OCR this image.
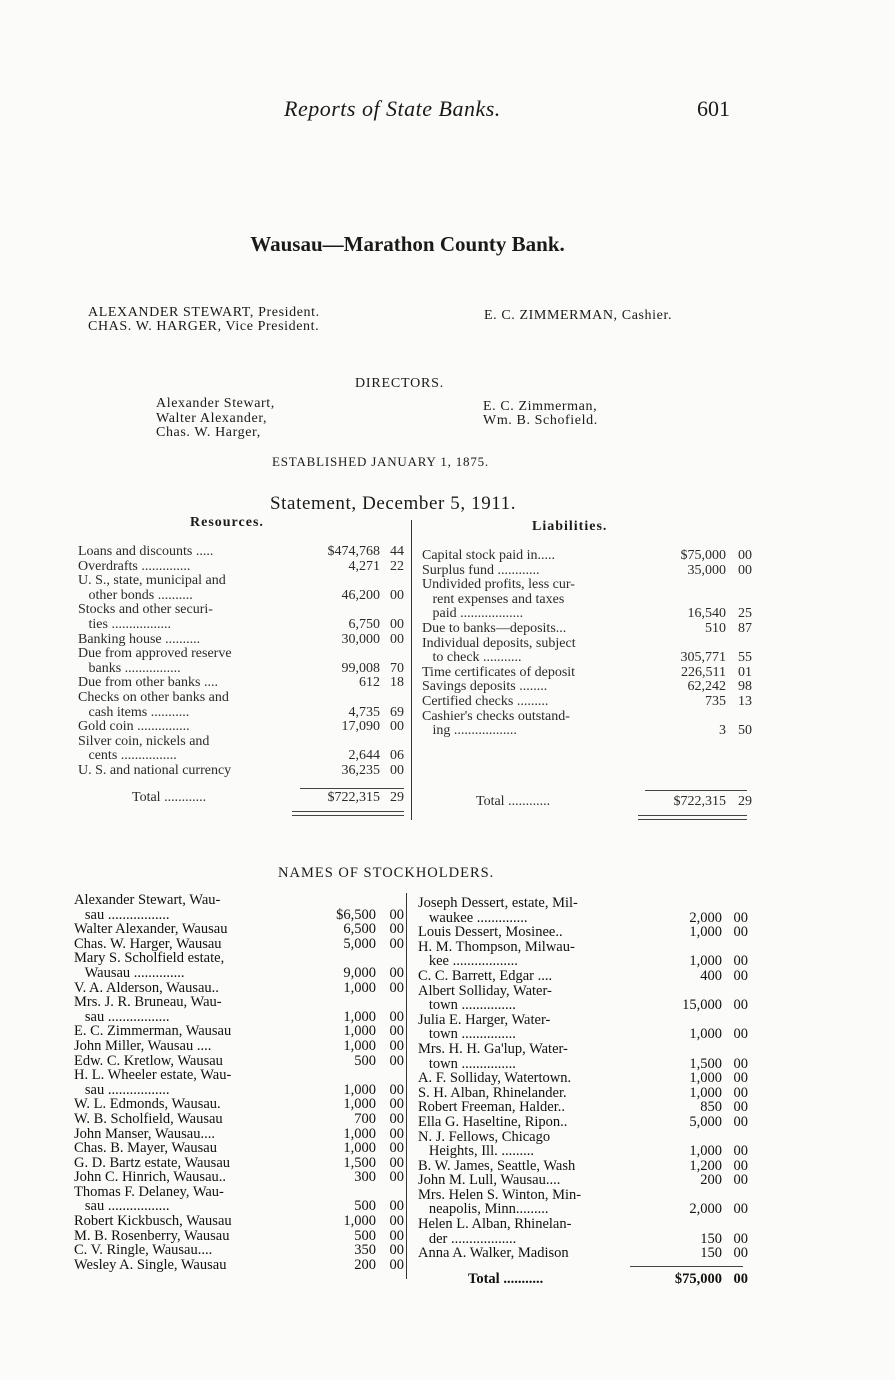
Reports of State Banks.	601
Wausau—Marathon County Bank.
ALEXANDER STEWART, President.
CHAS. W. HARGER, Vice President.
E. C. ZIMMERMAN, Cashier.
DIRECTORS.
Alexander Stewart,
Walter Alexander,
Chas. W. Harger,
E. C. Zimmerman,
Wm. B. Schofield.
ESTABLISHED JANUARY 1, 1875.
Statement, December 5, 1911.
Resources.	Liabilities.
Loans and discounts .....	$474,768 44
Overdrafts ..............	4,271 22
U. S., state, municipal and
other bonds ..........	46,200 00
Stocks and other securi-
ties .................	6,750 00
Banking house ..........	30,000 00
Due from approved reserve
banks ................	99,008 70
Due from other banks ....	612 18
Checks on other banks and
cash items ...........	4,735 69
Gold coin ...............	17,090 00
Silver coin, nickels and
cents ................	2,644 06
U. S. and national currency	36,235 00
Total ............	$722,315 29
Capital stock paid in.....	$75,000 00
Surplus fund ............	35,000 00
Undivided profits, less cur-
rent expenses and taxes
paid ..................	16,540 25
Due to banks—deposits...	510 87
Individual deposits, subject
to check ...........	305,771 55
Time certificates of deposit	226,511 01
Savings deposits ........	62,242 98
Certified checks .........	735 13
Cashier's checks outstand-
ing ..................	3 50
Total ............	$722,315 29
NAMES OF STOCKHOLDERS.
Alexander Stewart, Wau-
sau .................	$6,500 00
Walter Alexander, Wausau	6,500 00
Chas. W. Harger, Wausau	5,000 00
Mary S. Scholfield estate,
Wausau ..............	9,000 00
V. A. Alderson, Wausau..	1,000 00
Mrs. J. R. Bruneau, Wau-
sau .................	1,000 00
E. C. Zimmerman, Wausau	1,000 00
John Miller, Wausau ....	1,000 00
Edw. C. Kretlow, Wausau	500 00
H. L. Wheeler estate, Wau-
sau .................	1,000 00
W. L. Edmonds, Wausau.	1,000 00
W. B. Scholfield, Wausau	700 00
John Manser, Wausau....	1,000 00
Chas. B. Mayer, Wausau	1,000 00
G. D. Bartz estate, Wausau	1,500 00
John C. Hinrich, Wausau..	300 00
Thomas F. Delaney, Wau-
sau .................	500 00
Robert Kickbusch, Wausau	1,000 00
M. B. Rosenberry, Wausau	500 00
C. V. Ringle, Wausau....	350 00
Wesley A. Single, Wausau	200 00
Joseph Dessert, estate, Mil-
waukee ..............	2,000 00
Louis Dessert, Mosinee..	1,000 00
H. M. Thompson, Milwau-
kee ..................	1,000 00
C. C. Barrett, Edgar ....	400 00
Albert Solliday, Water-
town ...............	15,000 00
Julia E. Harger, Water-
town ...............	1,000 00
Mrs. H. H. Ga'lup, Water-
town ...............	1,500 00
A. F. Solliday, Watertown.	1,000 00
S. H. Alban, Rhinelander.	1,000 00
Robert Freeman, Halder..	850 00
Ella G. Haseltine, Ripon..	5,000 00
N. J. Fellows, Chicago
Heights, Ill. .........	1,000 00
B. W. James, Seattle, Wash	1,200 00
John M. Lull, Wausau....	200 00
Mrs. Helen S. Winton, Min-
neapolis, Minn.........	2,000 00
Helen L. Alban, Rhinelan-
der ..................	150 00
Anna A. Walker, Madison	150 00
Total ...........	$75,000 00
